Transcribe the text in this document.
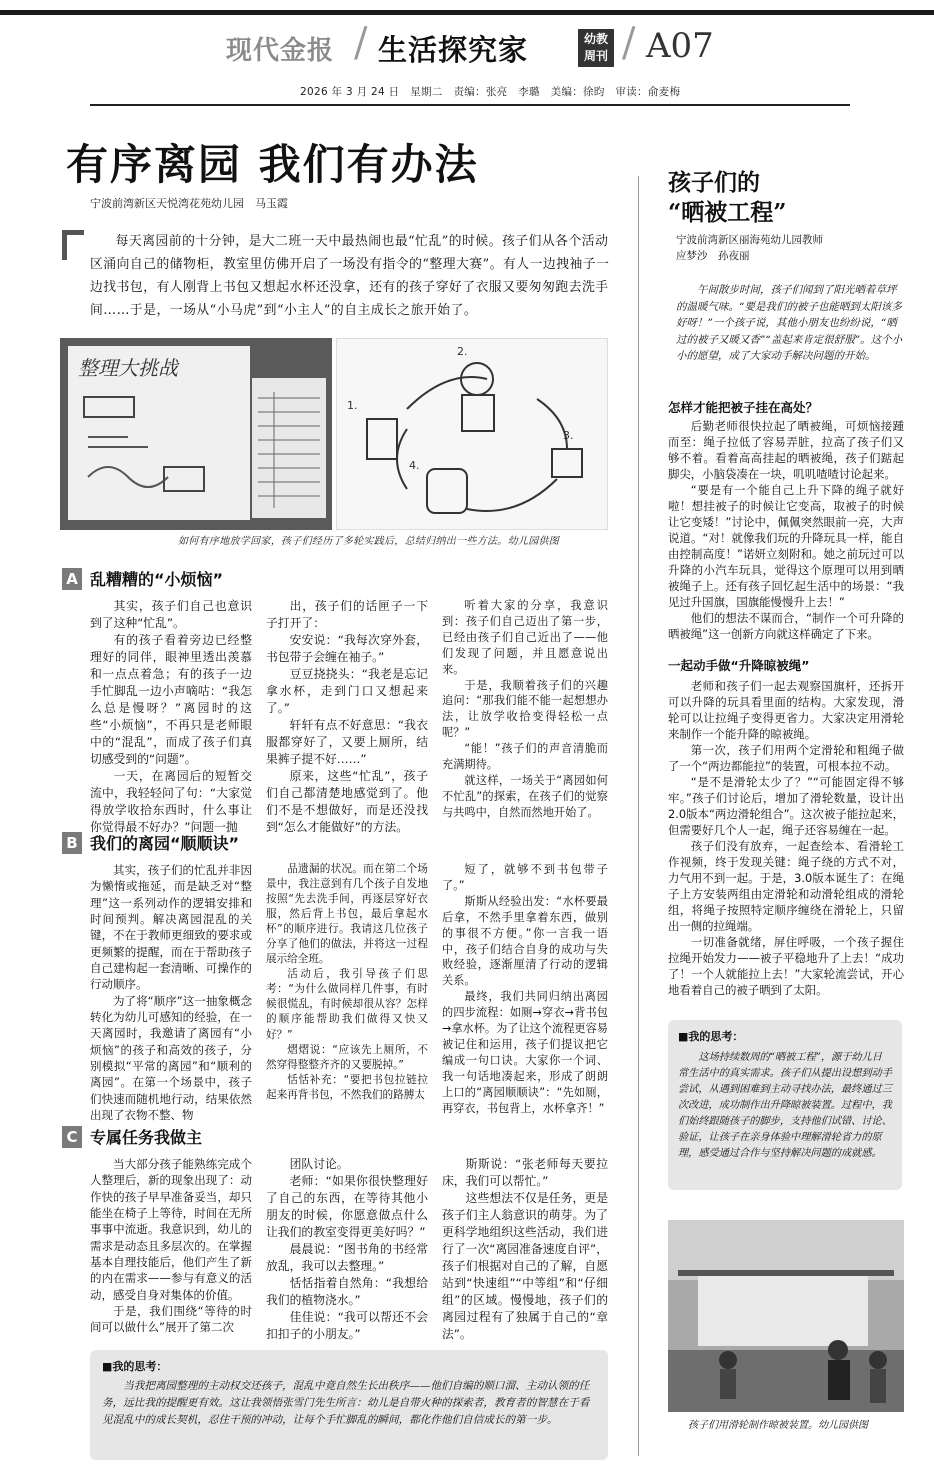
现代金报 / 生活探究家	幼教
周刊 / A07
2026 年 3 月 24 日　星期二　责编：张亮　李璐　美编：徐昀　审读：俞麦梅
有序离园 我们有办法
宁波前湾新区天悦湾花苑幼儿园　马玉霞
每天离园前的十分钟，是大二班一天中最热闹也最“忙乱”的时候。孩子们从各个活动区涌向自己的储物柜，教室里仿佛开启了一场没有指令的“整理大赛”。有人一边拽袖子一边找书包，有人刚背上书包又想起水杯还没拿，还有的孩子穿好了衣服又要匆匆跑去洗手间……于是，一场从“小马虎”到“小主人”的自主成长之旅开始了。
整理大挑战
1.
2.
3.
4.
如何有序地放学回家，孩子们经历了多轮实践后，总结归纳出一些方法。幼儿园供图
A 乱糟糟的“小烦恼”

其实，孩子们自己也意识到了这种“忙乱”。

有的孩子看着旁边已经整理好的同伴，眼神里透出羡慕和一点点着急；有的孩子一边手忙脚乱一边小声嘀咕：“我怎么总是慢呀？”离园时的这些“小烦恼”，不再只是老师眼中的“混乱”，而成了孩子们真切感受到的“问题”。

一天，在离园后的短暂交流中，我轻轻问了句：“大家觉得放学收拾东西时，什么事让你觉得最不好办？”问题一抛

出，孩子们的话匣子一下子打开了：

安安说：“我每次穿外套，书包带子会缠在袖子。”

豆豆挠挠头：“我老是忘记拿水杯，走到门口又想起来了。”

轩轩有点不好意思：“我衣服都穿好了，又要上厕所，结果裤子提不好……”

原来，这些“忙乱”，孩子们自己都清楚地感觉到了。他们不是不想做好，而是还没找到“怎么才能做好”的方法。

听着大家的分享，我意识到：孩子们自己迈出了第一步，已经由孩子们自己近出了——他们发现了问题，并且愿意说出来。

于是，我顺着孩子们的兴趣追问：“那我们能不能一起想想办法，让放学收拾变得轻松一点呢？”

“能！”孩子们的声音清脆而充满期待。

就这样，一场关于“离园如何不忙乱”的探索，在孩子们的觉察与共鸣中，自然而然地开始了。

B 我们的离园“顺顺诀”

其实，孩子们的忙乱并非因为懒惰或拖延，而是缺乏对“整理”这一系列动作的逻辑安排和时间预判。解决离园混乱的关键，不在于教师更细致的要求或更频繁的提醒，而在于帮助孩子自己建构起一套清晰、可操作的行动顺序。

为了将“顺序”这一抽象概念转化为幼儿可感知的经验，在一天离园时，我邀请了离园有“小烦恼”的孩子和高效的孩子，分别模拟“平常的离园”和“顺利的离园”。在第一个场景中，孩子们快速而随机地行动，结果依然出现了衣物不整、物

品遗漏的状况。而在第二个场景中，我注意到有几个孩子自发地按照“先去洗手间，再逐层穿好衣服，然后背上书包，最后拿起水杯”的顺序进行。我请这几位孩子分享了他们的做法，并将这一过程展示给全班。

活动后，我引导孩子们思考：“为什么做同样几件事，有时候很慌乱，有时候却很从容？怎样的顺序能帮助我们做得又快又好？”

熠熠说：“应该先上厕所，不然穿得整整齐齐的又要脱掉。”

恬恬补充：“要把书包拉链拉起来再背书包，不然我们的路膊太

短了，就够不到书包带子了。”

斯斯从经验出发：“水杯要最后拿，不然手里拿着东西，做别的事很不方便。”你一言我一语中，孩子们结合自身的成功与失败经验，逐渐厘清了行动的逻辑关系。

最终，我们共同归纳出离园的四步流程：如厕→穿衣→背书包→拿水杯。为了让这个流程更容易被记住和运用，孩子们提议把它编成一句口诀。大家你一个词、我一句话地凑起来，形成了朗朗上口的“离园顺顺诀”：“先如厕，再穿衣，书包背上，水杯拿齐！”

C 专属任务我做主

当大部分孩子能熟练完成个人整理后，新的现象出现了：动作快的孩子早早准备妥当，却只能坐在椅子上等待，时间在无所事事中流逝。我意识到，幼儿的需求是动态且多层次的。在掌握基本自理技能后，他们产生了新的内在需求——参与有意义的活动，感受自身对集体的价值。

于是，我们围绕“等待的时间可以做什么”展开了第二次

团队讨论。

老师：“如果你很快整理好了自己的东西，在等待其他小朋友的时候，你愿意做点什么让我们的教室变得更美好吗？”

晨晨说：“图书角的书经常放乱，我可以去整理。”

恬恬指着自然角：“我想给我们的植物浇水。”

佳佳说：“我可以帮还不会扣扣子的小朋友。”

斯斯说：“张老师每天要拉床，我们可以帮忙。”

这些想法不仅是任务，更是孩子们主人翁意识的萌芽。为了更科学地组织这些活动，我们进行了一次“离园准备速度自评”，孩子们根据对自己的了解，自愿站到“快速组”“中等组”和“仔细组”的区域。慢慢地，孩子们的离园过程有了独属于自己的“章法”。

■我的思考：
当我把离园整理的主动权交还孩子，混乱中竟自然生长出秩序——他们自编的顺口溜、主动认领的任务，远比我的提醒更有效。这让我领悟张雪门先生所言：幼儿是自带火种的探索者，教育者的智慧在于看见混乱中的成长契机，忍住干预的冲动，让每个手忙脚乱的瞬间，都化作他们自信成长的第一步。
孩子们的
“晒被工程”
宁波前湾新区丽海苑幼儿园教师
应梦沙　孙夜丽
午间散步时间，孩子们闻到了阳光晒着草坪的温暖气味。“要是我们的被子也能晒到太阳该多好呀！”一个孩子说，其他小朋友也纷纷说，“晒过的被子又暖又香”“盖起来肯定很舒服”。这个小小的愿望，成了大家动手解决问题的开始。
怎样才能把被子挂在高处？

后勤老师很快拉起了晒被绳，可烦恼接踵而至：绳子拉低了容易弄脏，拉高了孩子们又够不着。看着高高挂起的晒被绳，孩子们踮起脚尖，小脑袋凑在一块，叽叽喳喳讨论起来。

“要是有一个能自己上升下降的绳子就好啦！想挂被子的时候让它变高，取被子的时候让它变矮！”讨论中，佩佩突然眼前一亮，大声说道。“对！就像我们玩的升降玩具一样，能自由控制高度！”诺妍立刻附和。她之前玩过可以升降的小汽车玩具，觉得这个原理可以用到晒被绳子上。还有孩子回忆起生活中的场景：“我见过升国旗，国旗能慢慢升上去！”

他们的想法不谋而合，“制作一个可升降的晒被绳”这一创新方向就这样确定了下来。

一起动手做“升降晾被绳”

老师和孩子们一起去观察国旗杆，还拆开可以升降的玩具看里面的结构。大家发现，滑轮可以让拉绳子变得更省力。大家决定用滑轮来制作一个能升降的晾被绳。

第一次，孩子们用两个定滑轮和粗绳子做了一个“两边都能拉”的装置，可根本拉不动。

“是不是滑轮太少了？”“可能固定得不够牢。”孩子们讨论后，增加了滑轮数量，设计出2.0版本“两边滑轮组合”。这次被子能拉起来，但需要好几个人一起，绳子还容易缠在一起。

孩子们没有放弃，一起查绘本、看滑轮工作视频，终于发现关键：绳子绕的方式不对，力气用不到一起。于是，3.0版本诞生了：在绳子上方安装两组由定滑轮和动滑轮组成的滑轮组，将绳子按照特定顺序缠绕在滑轮上，只留出一侧的拉绳端。

一切准备就绪，屏住呼吸，一个孩子握住拉绳开始发力——被子平稳地升了上去！“成功了！一个人就能拉上去！”大家轮流尝试，开心地看着自己的被子晒到了太阳。

■我的思考：
这场持续数周的“晒被工程”，源于幼儿日常生活中的真实需求。孩子们从提出设想到动手尝试，从遇到困难到主动寻找办法，最终通过三次改进，成功制作出升降晾被装置。过程中，我们始终跟随孩子的脚步，支持他们试错、讨论、验证，让孩子在亲身体验中理解滑轮省力的原理，感受通过合作与坚持解决问题的成就感。
孩子们用滑轮制作晾被装置。幼儿园供图
